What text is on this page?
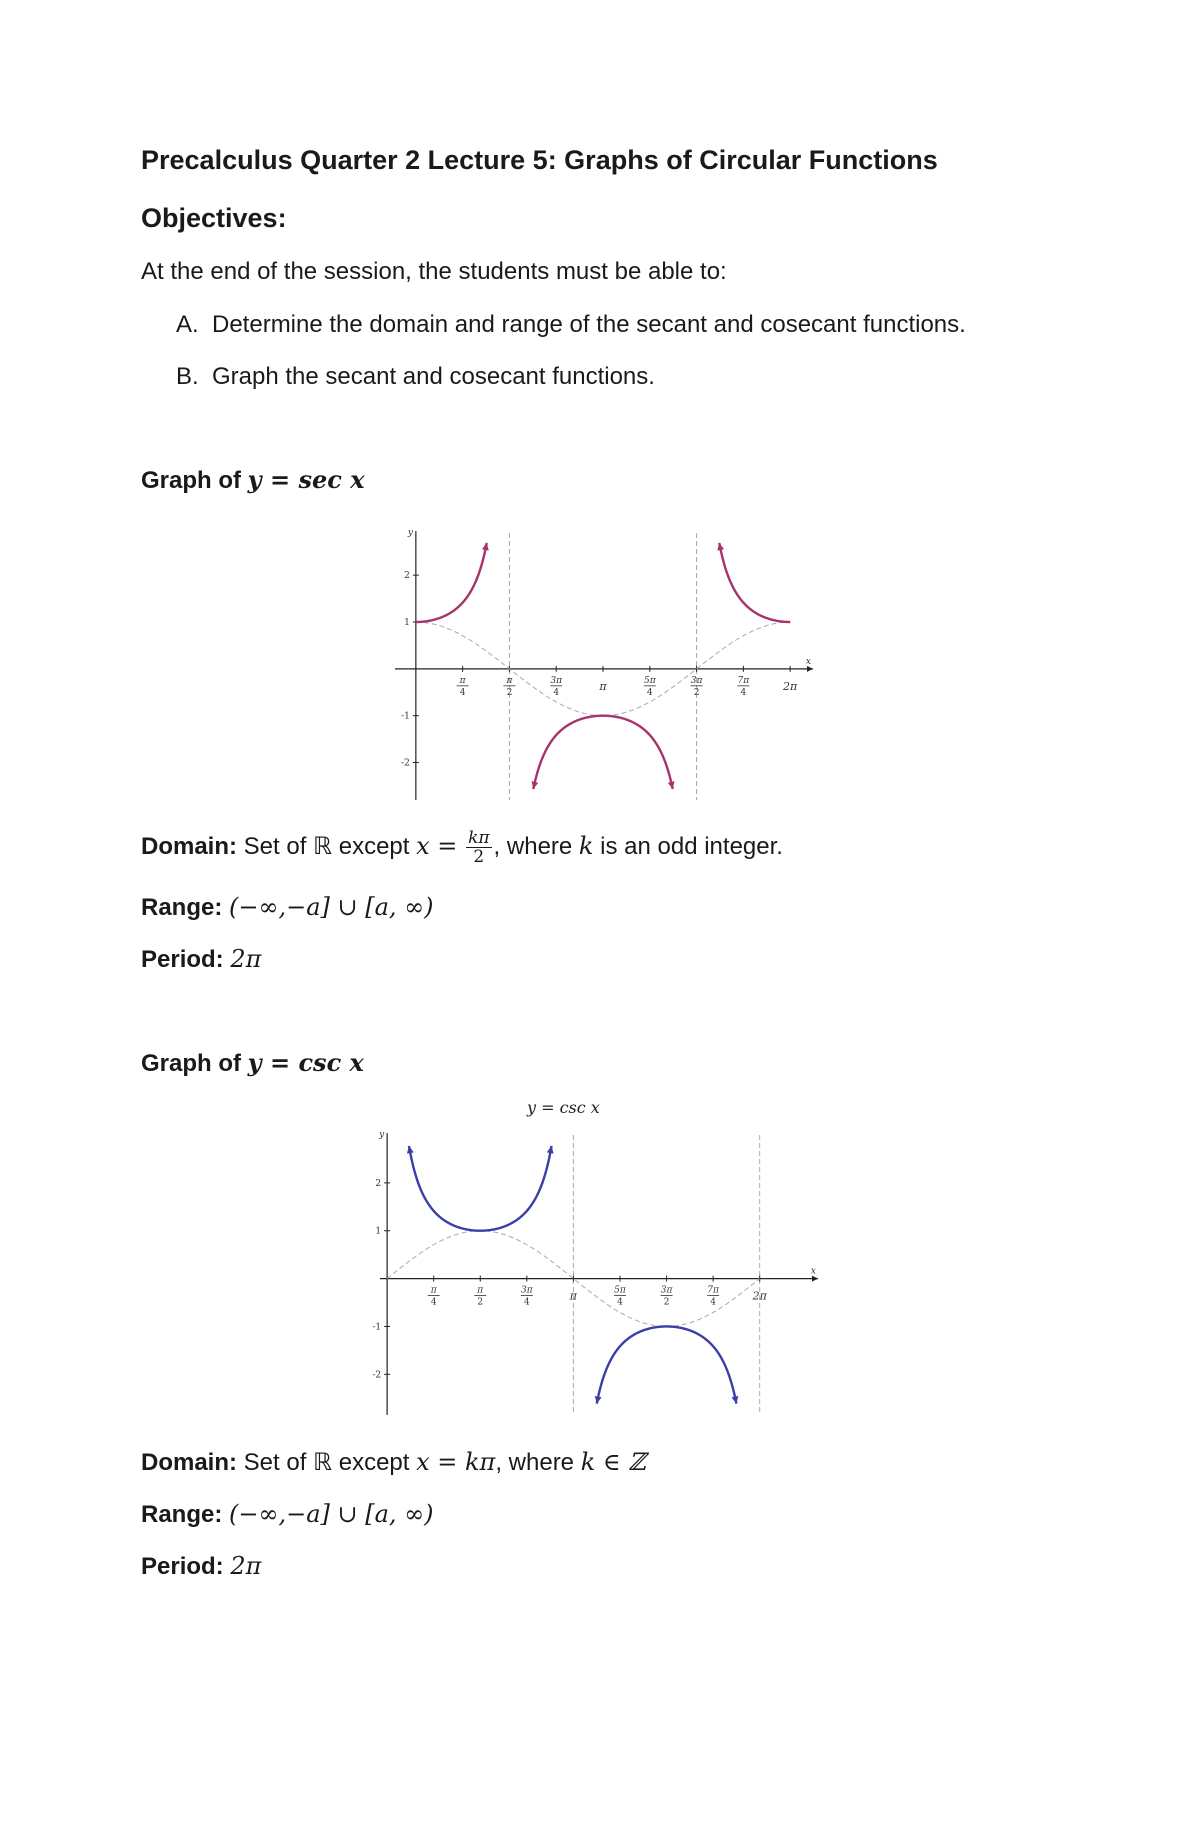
Precalculus Quarter 2 Lecture 5: Graphs of Circular Functions
Objectives:
At the end of the session, the students must be able to:
A. Determine the domain and range of the secant and cosecant functions.
B. Graph the secant and cosecant functions.
Graph of y = sec x
x
y
2
1
-1
-2
π
4
π
2
3π
4	π	5π
4
3π
2
7π
4	2π
Domain: Set of ℝ except $x = \frac{k\pi}{2}$ , where k is an odd integer.
Range: (−∞,−a] ∪ [a, ∞)
Period: 2π
Graph of y = csc x
y = csc x
x
y
2
1
-1
-2
π
4
π
2
3π
4	π	5π
4
3π
2
7π
4	2π
Domain: Set of ℝ except x = kπ, where k ∈ ℤ
Range: (−∞,−a] ∪ [a, ∞)
Period: 2π
